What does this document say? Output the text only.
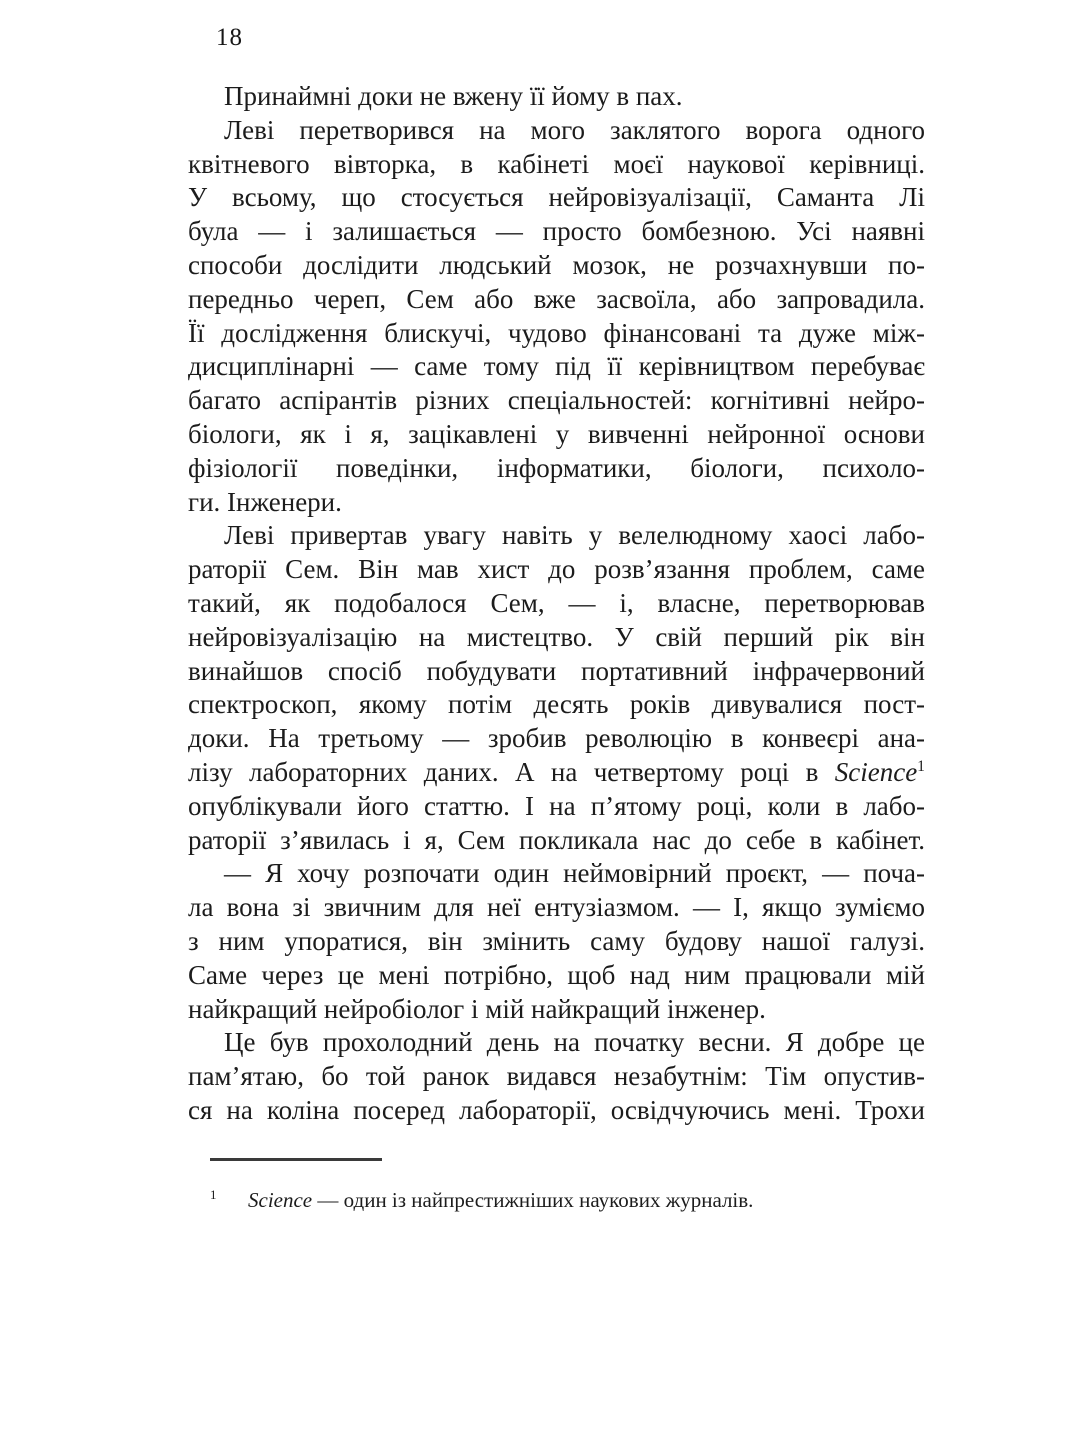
18

Принаймні доки не вжену її йому в пах.

Леві перетворився на мого заклятого ворога одного
квітневого вівторка, в кабінеті моєї наукової керівниці.
У всьому, що стосується нейровізуалізації, Саманта Лі
була — і залишається — просто бомбезною. Усі наявні
способи дослідити людський мозок, не розчахнувши по-
передньо череп, Сем або вже засвоїла, або запровадила.
Її дослідження блискучі, чудово фінансовані та дуже між-
дисциплінарні — саме тому під її керівництвом перебуває
багато аспірантів різних спеціальностей: когнітивні нейро-
біологи, як і я, зацікавлені у вивченні нейронної основи
фізіології поведінки, інформатики, біологи, психоло-
ги. Інженери.

Леві привертав увагу навіть у велелюдному хаосі лабо-
раторії Сем. Він мав хист до розв’язання проблем, саме
такий, як подобалося Сем, — і, власне, перетворював
нейровізуалізацію на мистецтво. У свій перший рік він
винайшов спосіб побудувати портативний інфрачервоний
спектроскоп, якому потім десять років дивувалися пост-
доки. На третьому — зробив революцію в конвеєрі ана-
лізу лабораторних даних. А на четвертому році в Science$^1$
опублікували його статтю. І на п’ятому році, коли в лабо-
раторії з’явилась і я, Сем покликала нас до себе в кабінет.

— Я хочу розпочати один неймовірний проєкт, — поча-
ла вона зі звичним для неї ентузіазмом. — І, якщо зуміємо
з ним упоратися, він змінить саму будову нашої галузі.
Саме через це мені потрібно, щоб над ним працювали мій
найкращий нейробіолог і мій найкращий інженер.

Це був прохолодний день на початку весни. Я добре це
пам’ятаю, бо той ранок видався незабутнім: Тім опустив-
ся на коліна посеред лабораторії, освідчуючись мені. Трохи

$^1$ Science — один із найпрестижніших наукових журналів.
